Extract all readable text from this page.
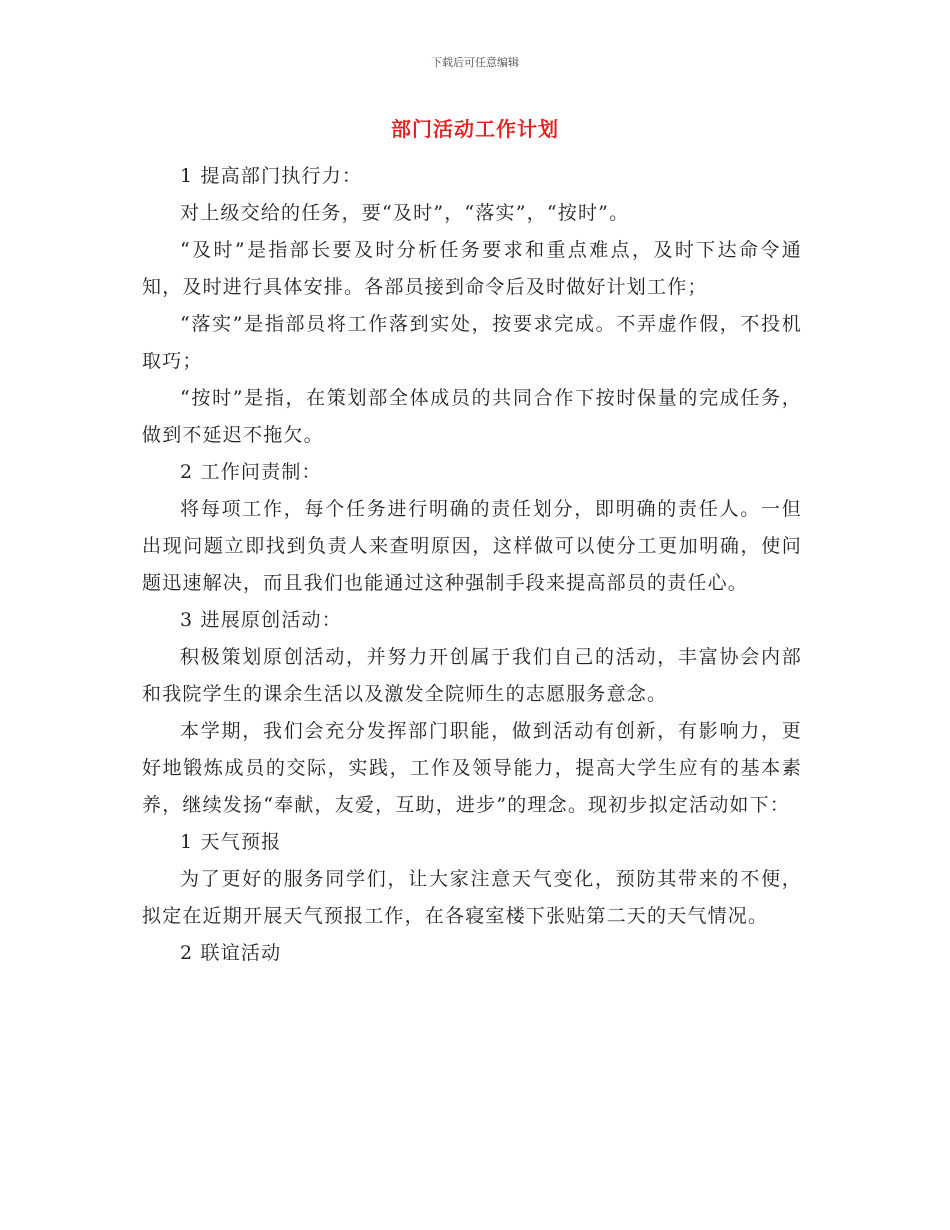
下载后可任意编辑
部门活动工作计划

1 提高部门执行力：

对上级交给的任务，要“及时”，“落实”，“按时”。

“及时”是指部长要及时分析任务要求和重点难点，及时下达命令通知，及时进行具体安排。各部员接到命令后及时做好计划工作；

“落实”是指部员将工作落到实处，按要求完成。不弄虚作假，不投机取巧；

“按时”是指，在策划部全体成员的共同合作下按时保量的完成任务，做到不延迟不拖欠。

2 工作问责制：

将每项工作，每个任务进行明确的责任划分，即明确的责任人。一但出现问题立即找到负责人来查明原因，这样做可以使分工更加明确，使问题迅速解决，而且我们也能通过这种强制手段来提高部员的责任心。

3 进展原创活动：

积极策划原创活动，并努力开创属于我们自己的活动，丰富协会内部和我院学生的课余生活以及激发全院师生的志愿服务意念。

本学期，我们会充分发挥部门职能，做到活动有创新，有影响力，更好地锻炼成员的交际，实践，工作及领导能力，提高大学生应有的基本素养，继续发扬“奉献，友爱，互助，进步”的理念。现初步拟定活动如下：

1 天气预报

为了更好的服务同学们，让大家注意天气变化，预防其带来的不便，拟定在近期开展天气预报工作，在各寝室楼下张贴第二天的天气情况。

2 联谊活动
